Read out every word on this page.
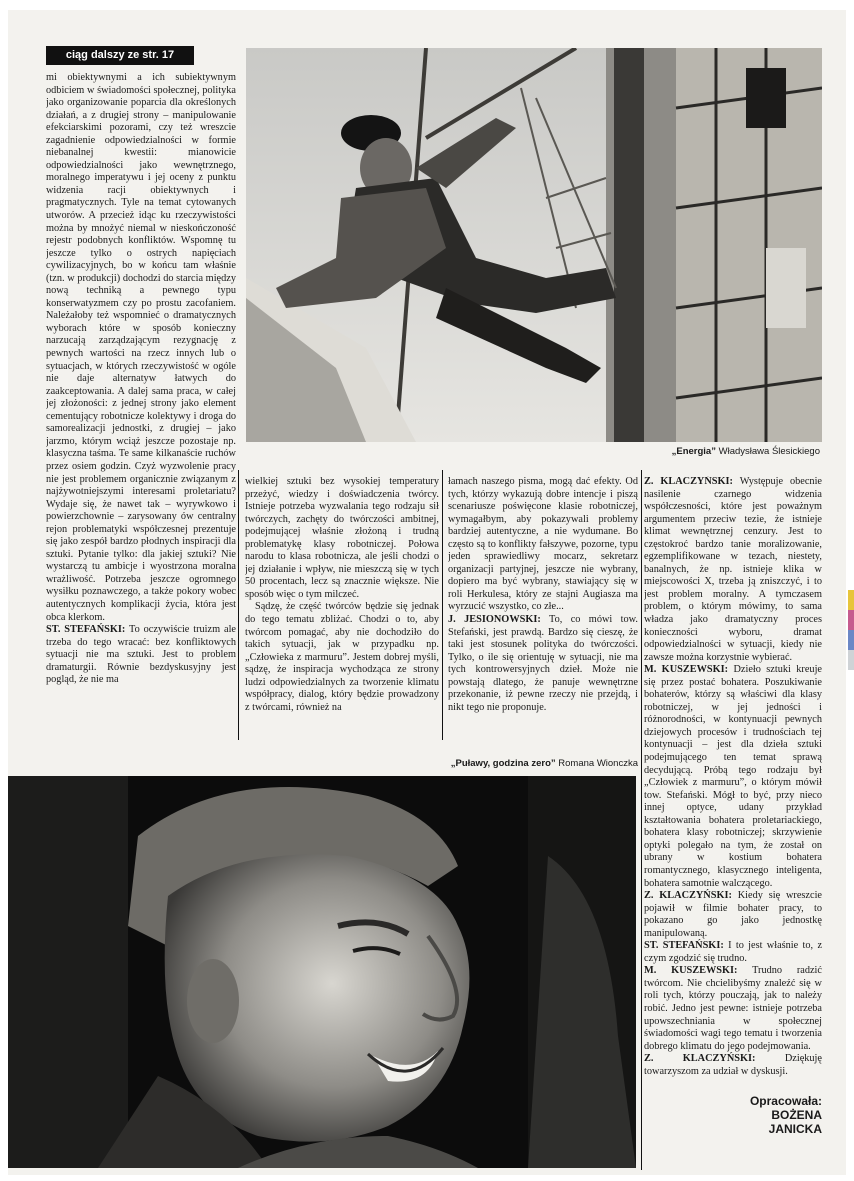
ciąg dalszy ze str. 17
„Energia” Władysława Ślesickiego

mi obiektywnymi a ich subiektywnym odbiciem w świadomości społecznej, polityka jako organizowanie poparcia dla określonych działań, a z drugiej strony – manipulowanie efekciarskimi pozorami, czy też wreszcie zagadnienie odpowiedzialności w formie niebanalnej kwestii: mianowicie odpowiedzialności jako wewnętrznego, moralnego imperatywu i jej oceny z punktu widzenia racji obiektywnych i pragmatycznych. Tyle na temat cytowanych utworów. A przecież idąc ku rzeczywistości można by mnożyć niemal w nieskończoność rejestr podobnych konfliktów. Wspomnę tu jeszcze tylko o ostrych napięciach cywilizacyjnych, bo w końcu tam właśnie (tzn. w produkcji) dochodzi do starcia między nową techniką a pewnego typu konserwatyzmem czy po prostu zacofaniem. Należałoby też wspomnieć o dramatycznych wyborach które w sposób konieczny narzucają zarządzającym rezygnację z pewnych wartości na rzecz innych lub o sytuacjach, w których rzeczywistość w ogóle nie daje alternatyw łatwych do zaakceptowania. A dalej sama praca, w całej jej złożoności: z jednej strony jako element cementujący robotnicze kolektywy i droga do samorealizacji jednostki, z drugiej – jako jarzmo, którym wciąż jeszcze pozostaje np. klasyczna taśma. Te same kilkanaście ruchów przez osiem godzin. Czyż wyzwolenie pracy nie jest problemem organicznie związanym z najżywotniejszymi interesami proletariatu? Wydaje się, że nawet tak – wyrywkowo i powierzchownie – zarysowany ów centralny rejon problematyki współczesnej prezentuje się jako zespół bardzo płodnych inspiracji dla sztuki. Pytanie tylko: dla jakiej sztuki? Nie wystarczą tu ambicje i wyostrzona moralna wrażliwość. Potrzeba jeszcze ogromnego wysiłku poznawczego, a także pokory wobec autentycznych komplikacji życia, która jest obca klerkom.

ST. STEFAŃSKI: To oczywiście truizm ale trzeba do tego wracać: bez konfliktowych sytuacji nie ma sztuki. Jest to problem dramaturgii. Równie bezdyskusyjny jest pogląd, że nie ma

wielkiej sztuki bez wysokiej temperatury przeżyć, wiedzy i doświadczenia twórcy. Istnieje potrzeba wyzwalania tego rodzaju sił twórczych, zachęty do twórczości ambitnej, podejmującej właśnie złożoną i trudną problematykę klasy robotniczej. Połowa narodu to klasa robotnicza, ale jeśli chodzi o jej działanie i wpływ, nie mieszczą się w tych 50 procentach, lecz są znacznie większe. Nie sposób więc o tym milczeć.

Sądzę, że część twórców będzie się jednak do tego tematu zbliżać. Chodzi o to, aby twórcom pomagać, aby nie dochodziło do takich sytuacji, jak w przypadku np. „Człowieka z marmuru”. Jestem dobrej myśli, sądzę, że inspiracja wychodząca ze strony ludzi odpowiedzialnych za tworzenie klimatu współpracy, dialog, który będzie prowadzony z twórcami, również na

łamach naszego pisma, mogą dać efekty. Od tych, którzy wykazują dobre intencje i piszą scenariusze poświęcone klasie robotniczej, wymagałbym, aby pokazywali problemy bardziej autentyczne, a nie wydumane. Bo często są to konflikty fałszywe, pozorne, typu jeden sprawiedliwy mocarz, sekretarz organizacji partyjnej, jeszcze nie wybrany, dopiero ma być wybrany, stawiający się w roli Herkulesa, który ze stajni Augiasza ma wyrzucić wszystko, co złe...

J. JESIONOWSKI: To, co mówi tow. Stefański, jest prawdą. Bardzo się cieszę, że taki jest stosunek polityka do twórczości. Tylko, o ile się orientuję w sytuacji, nie ma tych kontrowersyjnych dzieł. Może nie powstają dlatego, że panuje wewnętrzne przekonanie, iż pewne rzeczy nie przejdą, i nikt tego nie proponuje.

Z. KLACZYŃSKI: Występuje obecnie nasilenie czarnego widzenia współczesności, które jest poważnym argumentem przeciw tezie, że istnieje klimat wewnętrznej cenzury. Jest to częstokroć bardzo tanie moralizowanie, egzemplifikowane w tezach, niestety, banalnych, że np. istnieje klika w miejscowości X, trzeba ją zniszczyć, i to jest problem moralny. A tymczasem problem, o którym mówimy, to sama władza jako dramatyczny proces konieczności wyboru, dramat odpowiedzialności w sytuacji, kiedy nie zawsze można korzystnie wybierać.

M. KUSZEWSKI: Dzieło sztuki kreuje się przez postać bohatera. Poszukiwanie bohaterów, którzy są właściwi dla klasy robotniczej, w jej jedności i różnorodności, w kontynuacji pewnych dziejowych procesów i trudnościach tej kontynuacji – jest dla dzieła sztuki podejmującego ten temat sprawą decydującą. Próbą tego rodzaju był „Człowiek z marmuru”, o którym mówił tow. Stefański. Mógł to być, przy nieco innej optyce, udany przykład kształtowania bohatera proletariackiego, bohatera klasy robotniczej; skrzywienie optyki polegało na tym, że został on ubrany w kostium bohatera romantycznego, klasycznego inteligenta, bohatera samotnie walczącego.

Z. KLACZYŃSKI: Kiedy się wreszcie pojawił w filmie bohater pracy, to pokazano go jako jednostkę manipulowaną.

ST. STEFAŃSKI: I to jest właśnie to, z czym zgodzić się trudno.

M. KUSZEWSKI: Trudno radzić twórcom. Nie chcielibyśmy znaleźć się w roli tych, którzy pouczają, jak to należy robić. Jedno jest pewne: istnieje potrzeba upowszechniania w społecznej świadomości wagi tego tematu i tworzenia dobrego klimatu do jego podejmowania.

Z. KLACZYŃSKI:	Dziękuję towarzyszom za udział w dyskusji.

„Puławy, godzina zero” Romana Wionczka
Opracowała:
BOŻENA
JANICKA
